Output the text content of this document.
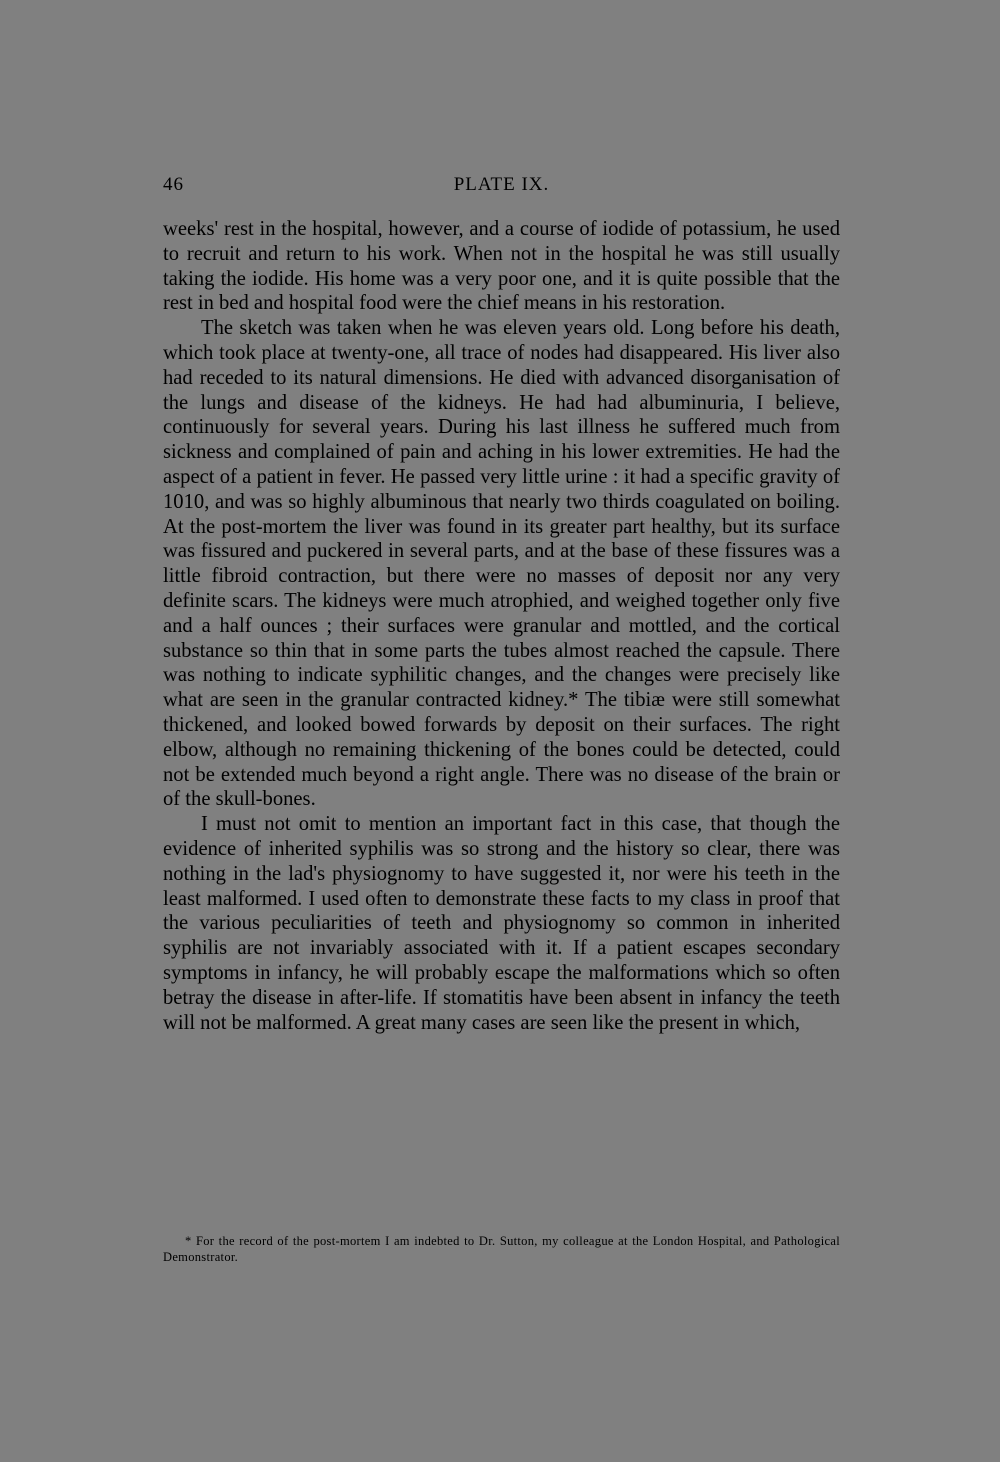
46	PLATE IX.

weeks' rest in the hospital, however, and a course of iodide of potassium, he used to recruit and return to his work. When not in the hospital he was still usually taking the iodide. His home was a very poor one, and it is quite possible that the rest in bed and hospital food were the chief means in his restoration.

The sketch was taken when he was eleven years old. Long before his death, which took place at twenty-one, all trace of nodes had disappeared. His liver also had receded to its natural dimensions. He died with advanced disorganisation of the lungs and disease of the kidneys. He had had albuminuria, I believe, continuously for several years. During his last illness he suffered much from sickness and complained of pain and aching in his lower extremities. He had the aspect of a patient in fever. He passed very little urine : it had a specific gravity of 1010, and was so highly albuminous that nearly two thirds coagulated on boiling. At the post-mortem the liver was found in its greater part healthy, but its surface was fissured and puckered in several parts, and at the base of these fissures was a little fibroid contraction, but there were no masses of deposit nor any very definite scars. The kidneys were much atrophied, and weighed together only five and a half ounces ; their surfaces were granular and mottled, and the cortical substance so thin that in some parts the tubes almost reached the capsule. There was nothing to indicate syphilitic changes, and the changes were precisely like what are seen in the granular contracted kidney.* The tibiæ were still somewhat thickened, and looked bowed forwards by deposit on their surfaces. The right elbow, although no remaining thickening of the bones could be detected, could not be extended much beyond a right angle. There was no disease of the brain or of the skull-bones.

I must not omit to mention an important fact in this case, that though the evidence of inherited syphilis was so strong and the history so clear, there was nothing in the lad's physiognomy to have suggested it, nor were his teeth in the least malformed. I used often to demonstrate these facts to my class in proof that the various peculiarities of teeth and physiognomy so common in inherited syphilis are not invariably associated with it. If a patient escapes secondary symptoms in infancy, he will probably escape the malformations which so often betray the disease in after-life. If stomatitis have been absent in infancy the teeth will not be malformed. A great many cases are seen like the present in which,

* For the record of the post-mortem I am indebted to Dr. Sutton, my colleague at the London Hospital, and Pathological Demonstrator.
